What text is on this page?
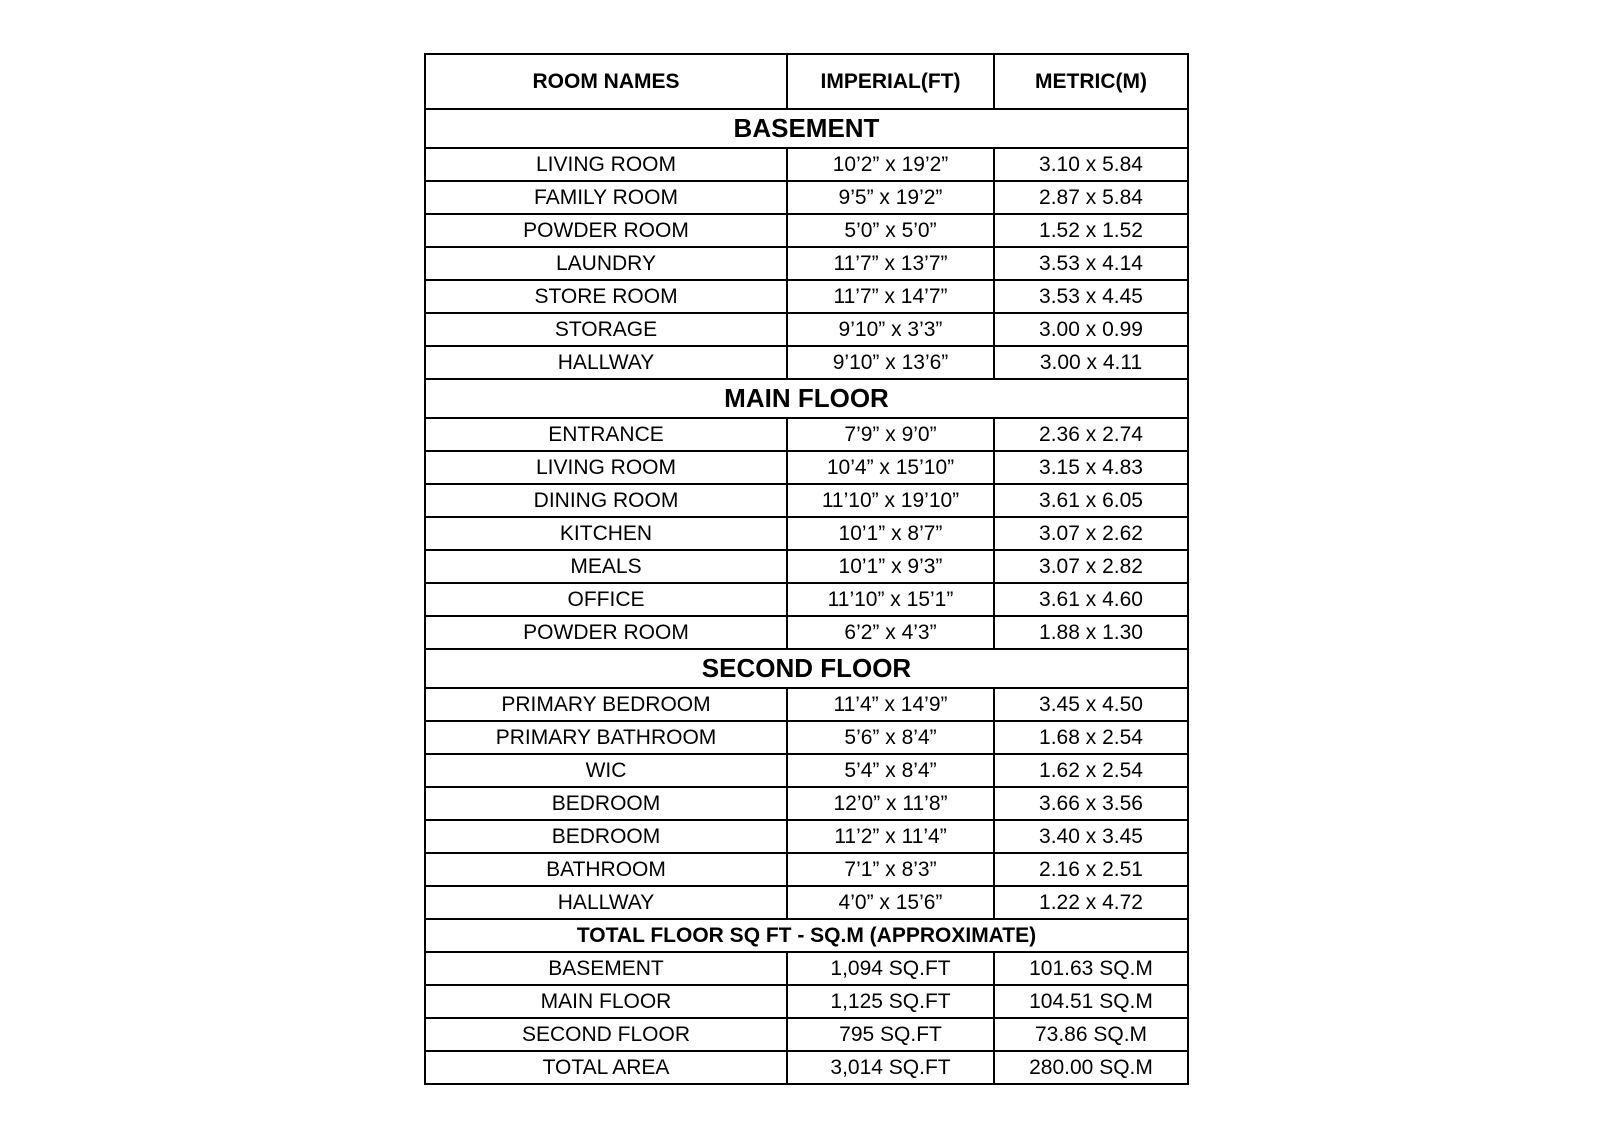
ROOM NAMES	IMPERIAL(FT)	METRIC(M)
BASEMENT		
LIVING ROOM	10’2” x 19’2”	3.10 x 5.84
FAMILY ROOM	9’5” x 19’2”	2.87 x 5.84
POWDER ROOM	5’0” x 5’0”	1.52 x 1.52
LAUNDRY	11’7” x 13’7”	3.53 x 4.14
STORE ROOM	11’7” x 14’7”	3.53 x 4.45
STORAGE	9’10” x 3’3”	3.00 x 0.99
HALLWAY	9’10” x 13’6”	3.00 x 4.11
MAIN FLOOR		
ENTRANCE	7’9” x 9’0”	2.36 x 2.74
LIVING ROOM	10’4” x 15’10”	3.15 x 4.83
DINING ROOM	11’10” x 19’10”	3.61 x 6.05
KITCHEN	10’1” x 8’7”	3.07 x 2.62
MEALS	10’1” x 9’3”	3.07 x 2.82
OFFICE	11’10” x 15’1”	3.61 x 4.60
POWDER ROOM	6’2” x 4’3”	1.88 x 1.30
SECOND FLOOR		
PRIMARY BEDROOM	11’4” x 14’9”	3.45 x 4.50
PRIMARY BATHROOM	5’6” x 8’4”	1.68 x 2.54
WIC	5’4” x 8’4”	1.62 x 2.54
BEDROOM	12’0” x 11’8”	3.66 x 3.56
BEDROOM	11’2” x 11’4”	3.40 x 3.45
BATHROOM	7’1” x 8’3”	2.16 x 2.51
HALLWAY	4’0” x 15’6”	1.22 x 4.72
TOTAL FLOOR SQ FT - SQ.M (APPROXIMATE)		
BASEMENT	1,094 SQ.FT	101.63 SQ.M
MAIN FLOOR	1,125 SQ.FT	104.51 SQ.M
SECOND FLOOR	795 SQ.FT	73.86 SQ.M
TOTAL AREA	3,014 SQ.FT	280.00 SQ.M
